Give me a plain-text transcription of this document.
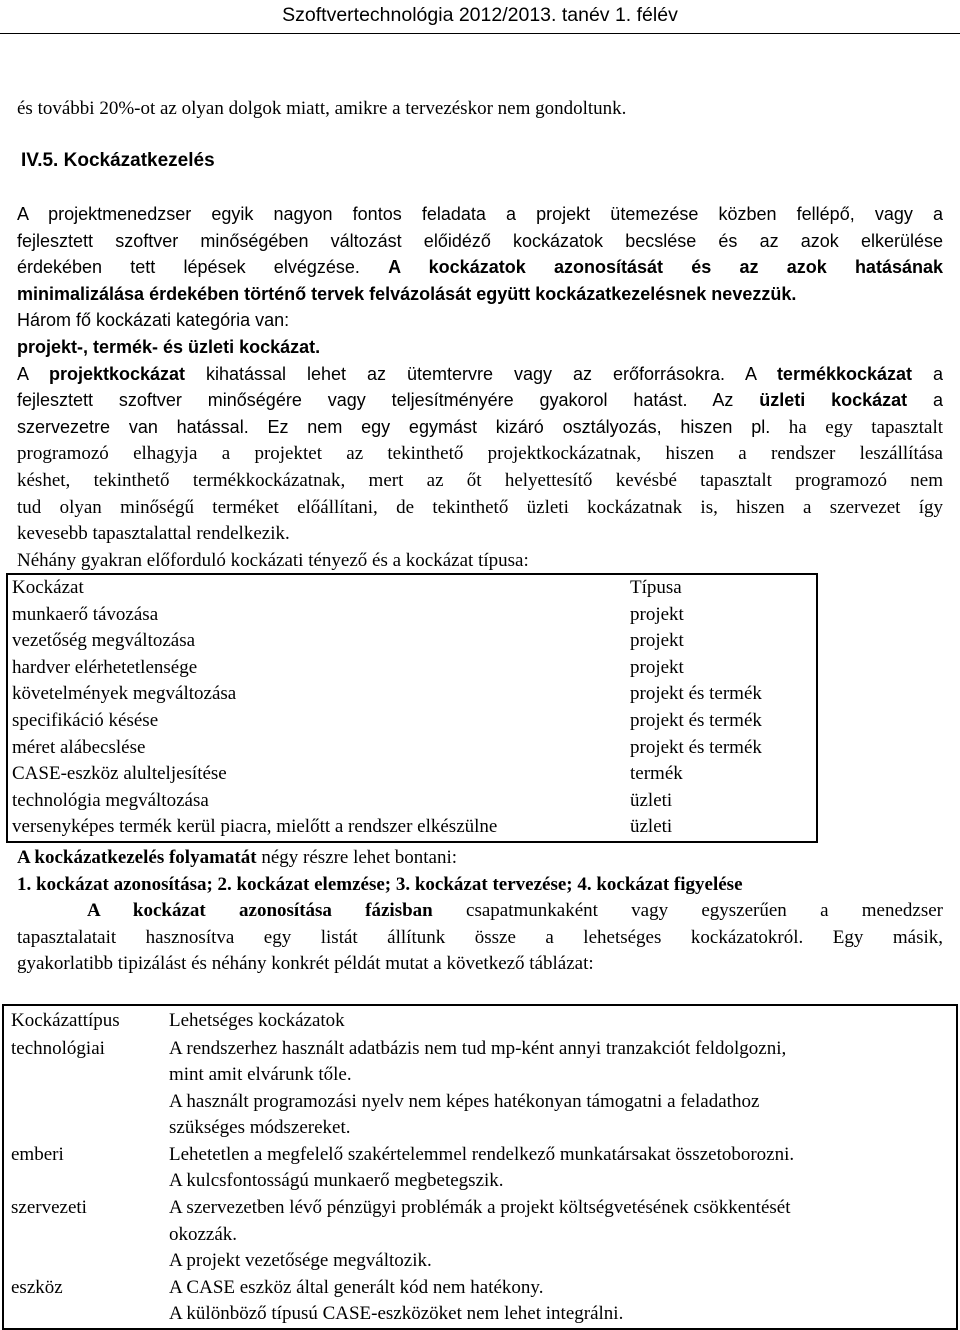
Szoftvertechnológia 2012/2013. tanév 1. félév

és további 20%-ot az olyan dolgok miatt, amikre a tervezéskor nem gondoltunk.

IV.5. Kockázatkezelés

A projektmenedzser egyik nagyon fontos feladata a projekt ütemezése közben fellépő, vagy a

fejlesztett szoftver minőségében változást előidéző kockázatok becslése és az azok elkerülése

érdekében tett lépések elvégzése. A kockázatok azonosítását és az azok hatásának

minimalizálása érdekében történő tervek felvázolását együtt kockázatkezelésnek nevezzük.

Három fő kockázati kategória van:

projekt-, termék- és üzleti kockázat.

A projektkockázat kihatással lehet az ütemtervre vagy az erőforrásokra. A termékkockázat a

fejlesztett szoftver minőségére vagy teljesítményére gyakorol hatást. Az üzleti kockázat a

szervezetre van hatással. Ez nem egy egymást kizáró osztályozás, hiszen pl. ha egy tapasztalt

programozó elhagyja a projektet az tekinthető projektkockázatnak, hiszen a rendszer leszállítása

késhet, tekinthető termékkockázatnak, mert az őt helyettesítő kevésbé tapasztalt programozó nem

tud olyan minőségű terméket előállítani, de tekinthető üzleti kockázatnak is, hiszen a szervezet így

kevesebb tapasztalattal rendelkezik.

Néhány gyakran előforduló kockázati tényező és a kockázat típusa:

Kockázat	Típusa
munkaerő távozása	projekt
vezetőség megváltozása	projekt
hardver elérhetetlensége	projekt
követelmények megváltozása	projekt és termék
specifikáció késése	projekt és termék
méret alábecslése	projekt és termék
CASE-eszköz alulteljesítése	termék
technológia megváltozása	üzleti
versenyképes termék kerül piacra, mielőtt a rendszer elkészülne	üzleti

A kockázatkezelés folyamatát négy részre lehet bontani:

1. kockázat azonosítása; 2. kockázat elemzése; 3. kockázat tervezése; 4. kockázat figyelése

A kockázat azonosítása fázisban csapatmunkaként vagy egyszerűen a menedzser

tapasztalatait hasznosítva egy listát állítunk össze a lehetséges kockázatokról. Egy másik,

gyakorlatibb tipizálást és néhány konkrét példát mutat a következő táblázat:

Kockázattípus	Lehetséges kockázatok
technológiai	A rendszerhez használt adatbázis nem tud mp-ként annyi tranzakciót feldolgozni,
mint amit elvárunk tőle.
A használt programozási nyelv nem képes hatékonyan támogatni a feladathoz
szükséges módszereket.

emberi	Lehetetlen a megfelelő szakértelemmel rendelkező munkatársakat összetoborozni.
A kulcsfontosságú munkaerő megbetegszik.

szervezeti	A szervezetben lévő pénzügyi problémák a projekt költségvetésének csökkentését
okozzák.
A projekt vezetősége megváltozik.

eszköz	A CASE eszköz által generált kód nem hatékony.
A különböző típusú CASE-eszközöket nem lehet integrálni.
